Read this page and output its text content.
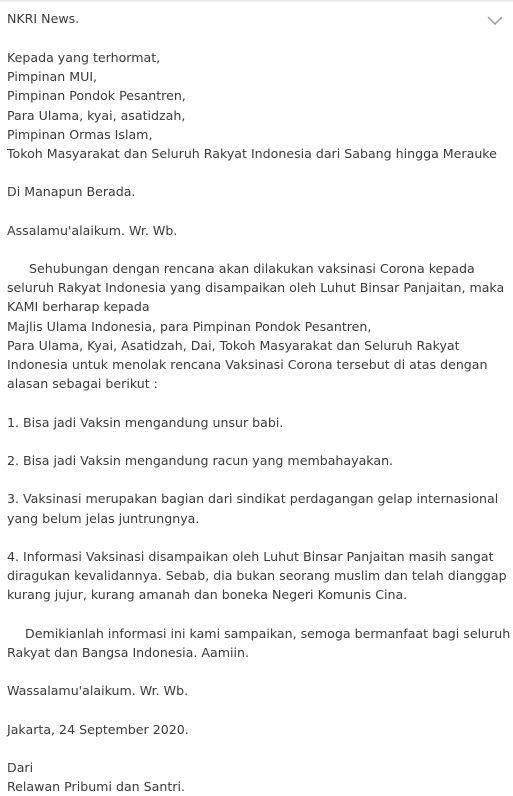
NKRI News.
Kepada yang terhormat,
Pimpinan MUI,
Pimpinan Pondok Pesantren,
Para Ulama, kyai, asatidzah,
Pimpinan Ormas Islam,
Tokoh Masyarakat dan Seluruh Rakyat Indonesia dari Sabang hingga Merauke
Di Manapun Berada.
Assalamu'alaikum. Wr. Wb.
Sehubungan dengan rencana akan dilakukan vaksinasi Corona kepada
seluruh Rakyat Indonesia yang disampaikan oleh Luhut Binsar Panjaitan, maka
KAMI berharap kepada
Majlis Ulama Indonesia, para Pimpinan Pondok Pesantren,
Para Ulama, Kyai, Asatidzah, Dai, Tokoh Masyarakat dan Seluruh Rakyat
Indonesia untuk menolak rencana Vaksinasi Corona tersebut di atas dengan
alasan sebagai berikut :
1. Bisa jadi Vaksin mengandung unsur babi.
2. Bisa jadi Vaksin mengandung racun yang membahayakan.
3. Vaksinasi merupakan bagian dari sindikat perdagangan gelap internasional
yang belum jelas juntrungnya.
4. Informasi Vaksinasi disampaikan oleh Luhut Binsar Panjaitan masih sangat
diragukan kevalidannya. Sebab, dia bukan seorang muslim dan telah dianggap
kurang jujur, kurang amanah dan boneka Negeri Komunis Cina.
Demikianlah informasi ini kami sampaikan, semoga bermanfaat bagi seluruh
Rakyat dan Bangsa Indonesia. Aamiin.
Wassalamu'alaikum. Wr. Wb.
Jakarta, 24 September 2020.
Dari
Relawan Pribumi dan Santri.
